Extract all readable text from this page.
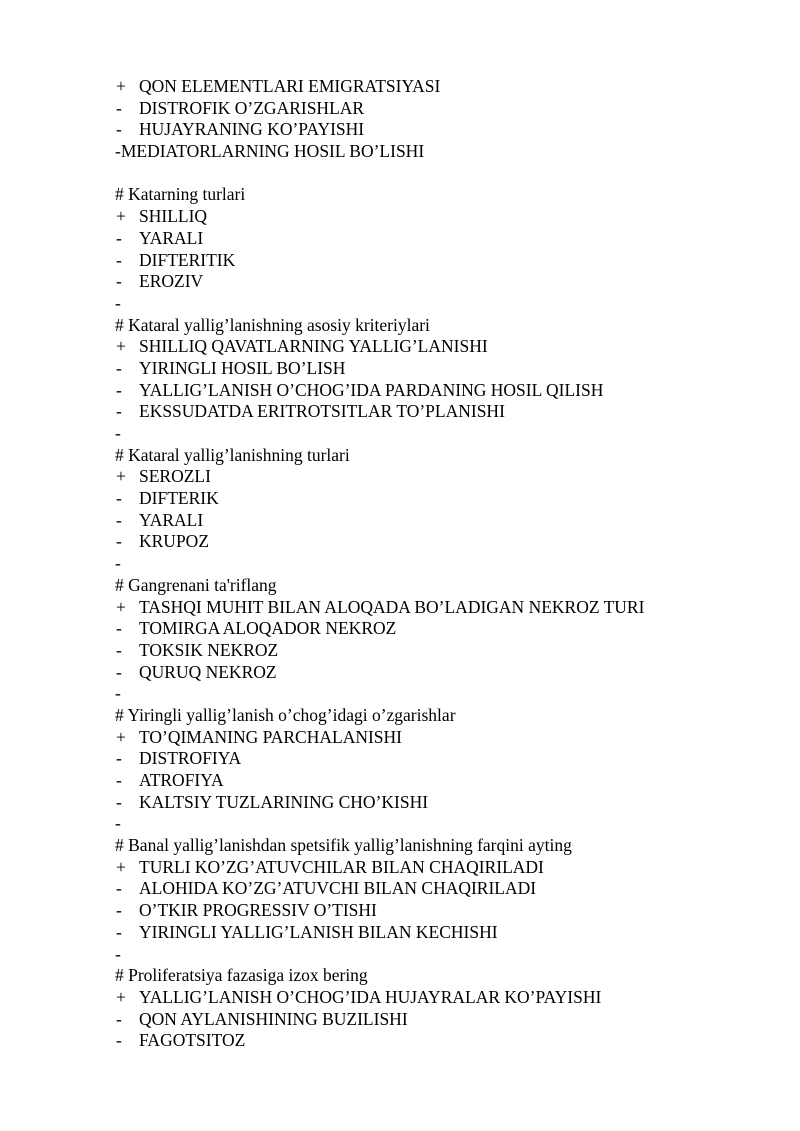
+ QON ELEMENTLARI EMIGRATSIYASI
- DISTROFIK O’ZGARISHLAR
- HUJAYRANING KO’PAYISHI
-MEDIATORLARNING HOSIL BO’LISHI
# Katarning turlari
+ SHILLIQ
- YARALI
- DIFTERITIK
- EROZIV
-
# Kataral yallig’lanishning asosiy kriteriylari
+ SHILLIQ QAVATLARNING YALLIG’LANISHI
- YIRINGLI HOSIL BO’LISH
- YALLIG’LANISH O’CHOG’IDA PARDANING HOSIL QILISH
- EKSSUDATDA ERITROTSITLAR TO’PLANISHI
-
# Kataral yallig’lanishning turlari
+ SEROZLI
- DIFTERIK
- YARALI
- KRUPOZ
-
# Gangrenani ta'riflang
+ TASHQI MUHIT BILAN ALOQADA BO’LADIGAN NEKROZ TURI
- TOMIRGA ALOQADOR NEKROZ
- TOKSIK NEKROZ
- QURUQ NEKROZ
-
# Yiringli yallig’lanish o’chog’idagi o’zgarishlar
+ TO’QIMANING PARCHALANISHI
- DISTROFIYA
- ATROFIYA
- KALTSIY TUZLARINING CHO’KISHI
-
# Banal yallig’lanishdan spetsifik yallig’lanishning farqini ayting
+ TURLI KO’ZG’ATUVCHILAR BILAN CHAQIRILADI
- ALOHIDA KO’ZG’ATUVCHI BILAN CHAQIRILADI
- O’TKIR PROGRESSIV O’TISHI
- YIRINGLI YALLIG’LANISH BILAN KECHISHI
-
# Proliferatsiya fazasiga izox bering
+ YALLIG’LANISH O’CHOG’IDA HUJAYRALAR KO’PAYISHI
- QON AYLANISHINING BUZILISHI
- FAGOTSITOZ
